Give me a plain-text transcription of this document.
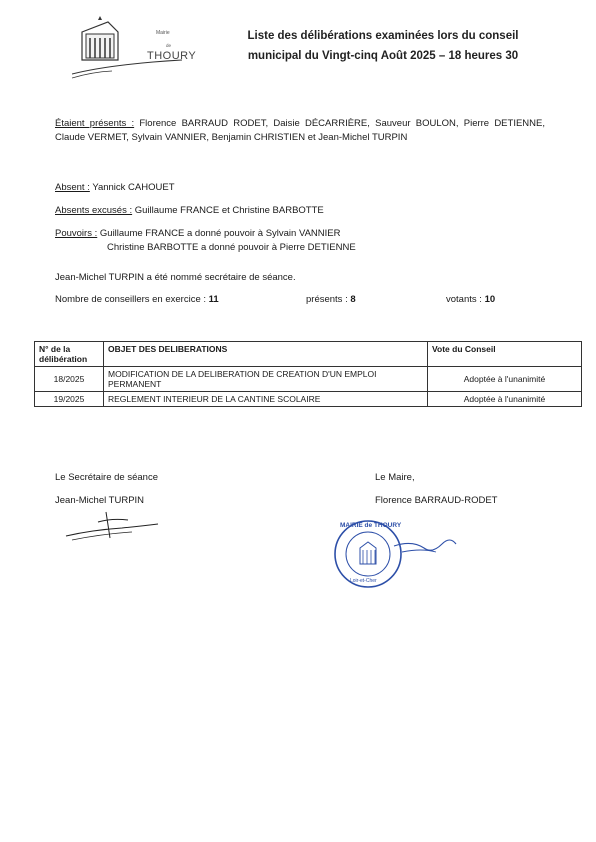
Mairie
de
THOURY
Liste des délibérations examinées lors du conseil
municipal du Vingt-cinq Août 2025 – 18 heures 30
Étaient présents : Florence BARRAUD RODET, Daisie DÉCARRIÈRE, Sauveur BOULON, Pierre DETIENNE, Claude VERMET, Sylvain VANNIER, Benjamin CHRISTIEN et Jean-Michel TURPIN
Absent : Yannick CAHOUET
Absents excusés : Guillaume FRANCE et Christine BARBOTTE
Pouvoirs : Guillaume FRANCE a donné pouvoir à Sylvain VANNIER
Christine BARBOTTE a donné pouvoir à Pierre DETIENNE
Jean-Michel TURPIN a été nommé secrétaire de séance.
Nombre de conseillers en exercice : 11	présents : 8	votants : 10
N° de la délibération	OBJET DES DELIBERATIONS	Vote du Conseil
18/2025	MODIFICATION DE LA DELIBERATION DE CREATION D'UN EMPLOI PERMANENT	Adoptée à l'unanimité
19/2025	REGLEMENT INTERIEUR DE LA CANTINE SCOLAIRE	Adoptée à l'unanimité
Le Secrétaire de séance
Jean-Michel TURPIN
Le Maire,
Florence BARRAUD-RODET
MAIRIE de THOURY
Loir-et-Cher
